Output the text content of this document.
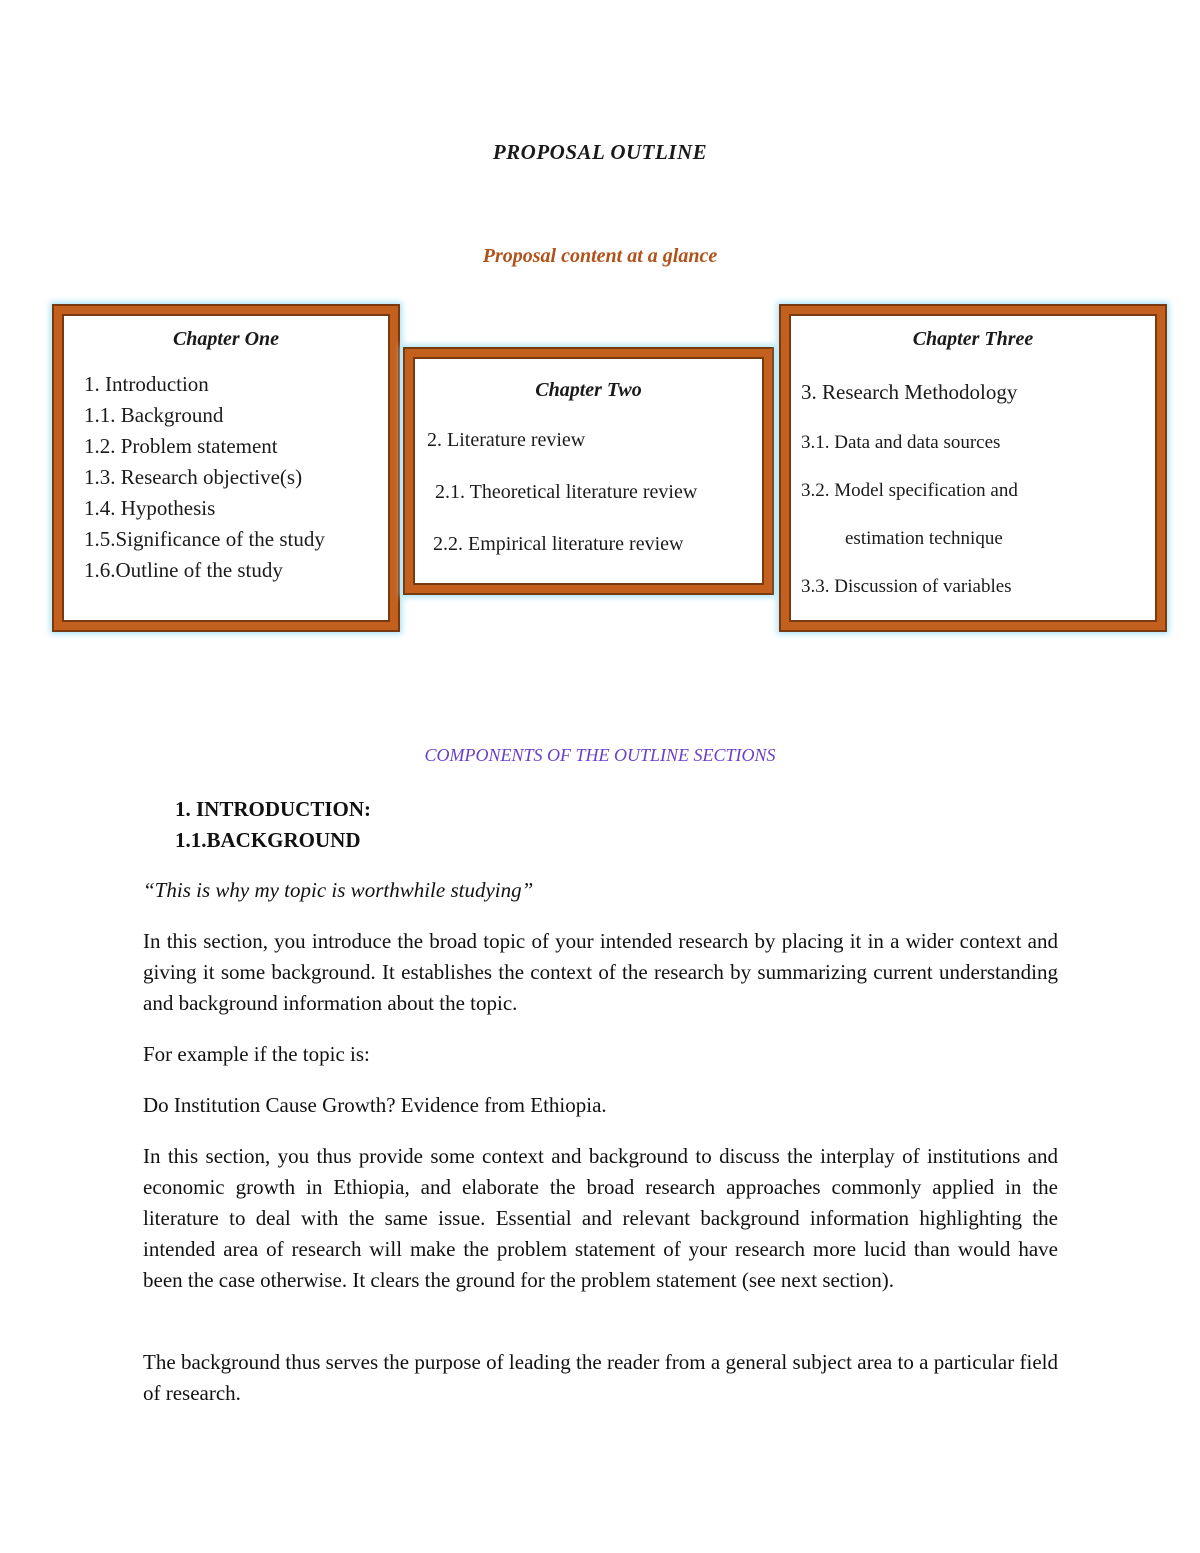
PROPOSAL OUTLINE
Proposal content at a glance
Chapter One
1. Introduction
1.1. Background
1.2. Problem statement
1.3. Research objective(s)
1.4. Hypothesis
1.5.Significance of the study
1.6.Outline of the study
Chapter Two
2. Literature review
2.1. Theoretical literature review
2.2. Empirical literature review
Chapter Three
3. Research Methodology
3.1. Data and data sources
3.2. Model specification and
estimation technique
3.3. Discussion of variables
COMPONENTS OF THE OUTLINE SECTIONS
1. INTRODUCTION:
1.1.BACKGROUND
“This is why my topic is worthwhile studying”
In this section, you introduce the broad topic of your intended research by placing it in a wider context and giving it some background. It establishes the context of the research by summarizing current understanding and background information about the topic.
For example if the topic is:
Do Institution Cause Growth? Evidence from Ethiopia.
In this section, you thus provide some context and background to discuss the interplay of institutions and economic growth in Ethiopia, and elaborate the broad research approaches commonly applied in the literature to deal with the same issue. Essential and relevant background information highlighting the intended area of research will make the problem statement of your research more lucid than would have been the case otherwise. It clears the ground for the problem statement (see next section).
The background thus serves the purpose of leading the reader from a general subject area to a particular field of research.
